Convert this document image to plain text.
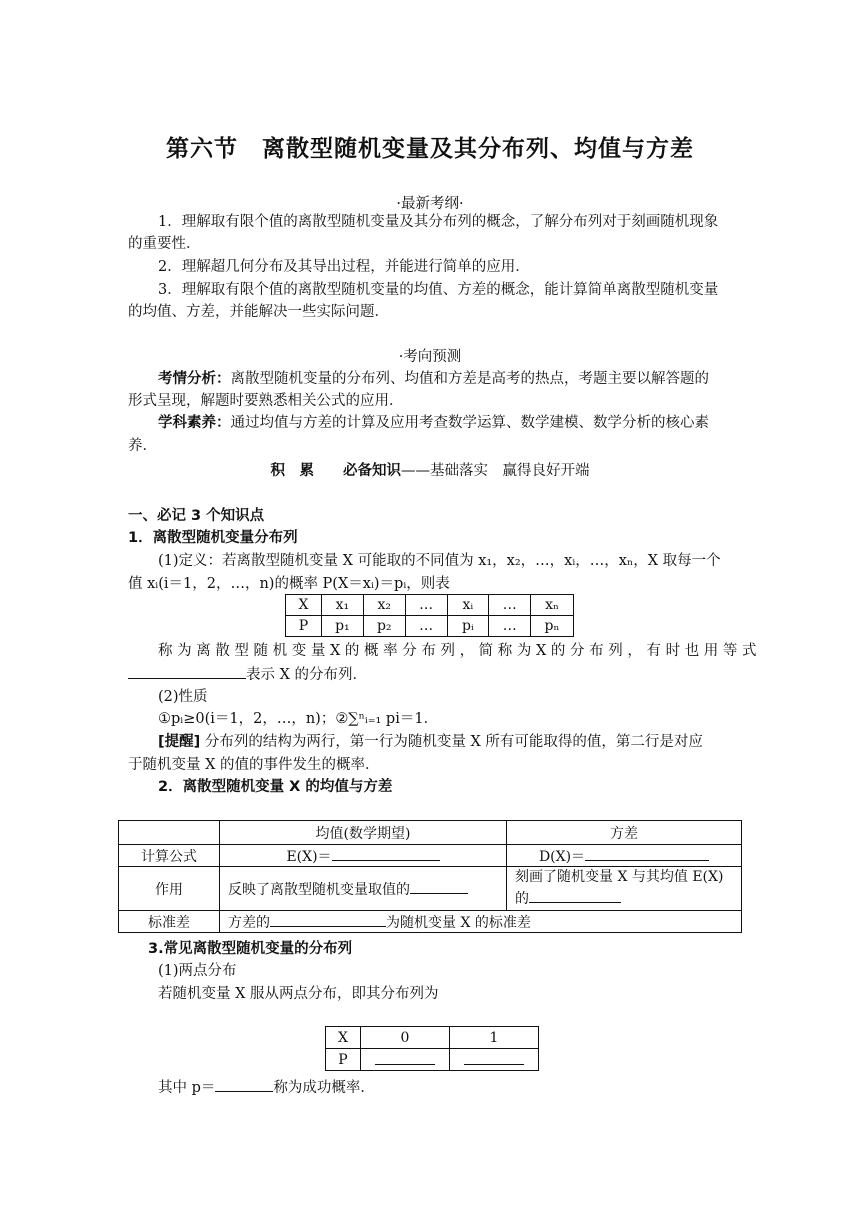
第六节　离散型随机变量及其分布列、均值与方差
·最新考纲·
1．理解取有限个值的离散型随机变量及其分布列的概念，了解分布列对于刻画随机现象
的重要性．
2．理解超几何分布及其导出过程，并能进行简单的应用．
3．理解取有限个值的离散型随机变量的均值、方差的概念，能计算简单离散型随机变量
的均值、方差，并能解决一些实际问题．
·考向预测
考情分析：离散型随机变量的分布列、均值和方差是高考的热点，考题主要以解答题的
形式呈现，解题时要熟悉相关公式的应用．
学科素养：通过均值与方差的计算及应用考查数学运算、数学建模、数学分析的核心素
养．
积　累　　必备知识——基础落实　赢得良好开端
一、必记 3 个知识点
1．离散型随机变量分布列
(1)定义：若离散型随机变量 X 可能取的不同值为 x₁，x₂，…，xᵢ，…，xₙ，X 取每一个
值 xᵢ(i＝1，2，…，n)的概率 P(X＝xᵢ)＝pᵢ，则表
X	x₁	x₂	…	xᵢ	…	xₙ
P	p₁	p₂	…	pᵢ	…	pₙ
称 为 离 散 型 随 机 变 量 X 的 概 率 分 布 列 ， 简 称 为 X 的 分 布 列 ， 有 时 也 用 等 式
表示 X 的分布列．
(2)性质
①pᵢ≥0(i＝1，2，…，n)；②∑ⁿᵢ₌₁ pi＝1．
[提醒] 分布列的结构为两行，第一行为随机变量 X 所有可能取得的值，第二行是对应
于随机变量 X 的值的事件发生的概率．
2．离散型随机变量 X 的均值与方差
	均值(数学期望)	方差
计算公式	E(X)＝	D(X)＝
作用	反映了离散型随机变量取值的	刻画了随机变量 X 与其均值 E(X)
的

标准差	方差的 为随机变量 X 的标准差	
3.常见离散型随机变量的分布列
(1)两点分布
若随机变量 X 服从两点分布，即其分布列为
X	0	1
P		
其中 p＝	称为成功概率．
